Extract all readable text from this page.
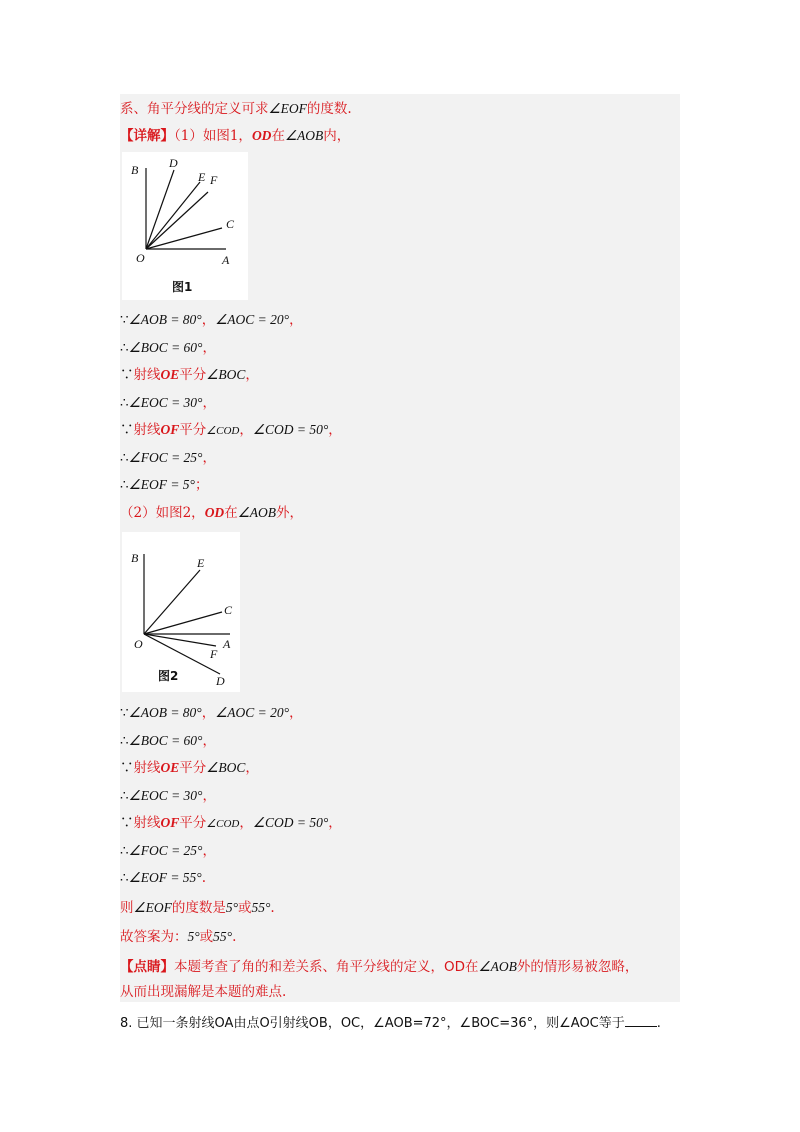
系、角平分线的定义可求∠EOF的度数.
【详解】（1）如图1，OD在∠AOB内，
B	D
E F
C
O	A
图1
∵∠AOB = 80°，∠AOC = 20°，
∴∠BOC = 60°，
∵射线OE平分∠BOC，
∴∠EOC = 30°，
∵射线OF平分∠COD，∠COD = 50°，
∴∠FOC = 25°，
∴∠EOF = 5°；
（2）如图2，OD在∠AOB外，
B	E
C
O	A
F
D
图2
∵∠AOB = 80°，∠AOC = 20°，
∴∠BOC = 60°，
∵射线OE平分∠BOC，
∴∠EOC = 30°，
∵射线OF平分∠COD，∠COD = 50°，
∴∠FOC = 25°，
∴∠EOF = 55°.
则∠EOF的度数是5°或55°.
故答案为：5°或55°.
【点睛】本题考查了角的和差关系、角平分线的定义，OD在∠AOB外的情形易被忽略，
从而出现漏解是本题的难点.
8. 已知一条射线OA由点O引射线OB，OC，∠AOB=72°，∠BOC=36°，则∠AOC等于 .
